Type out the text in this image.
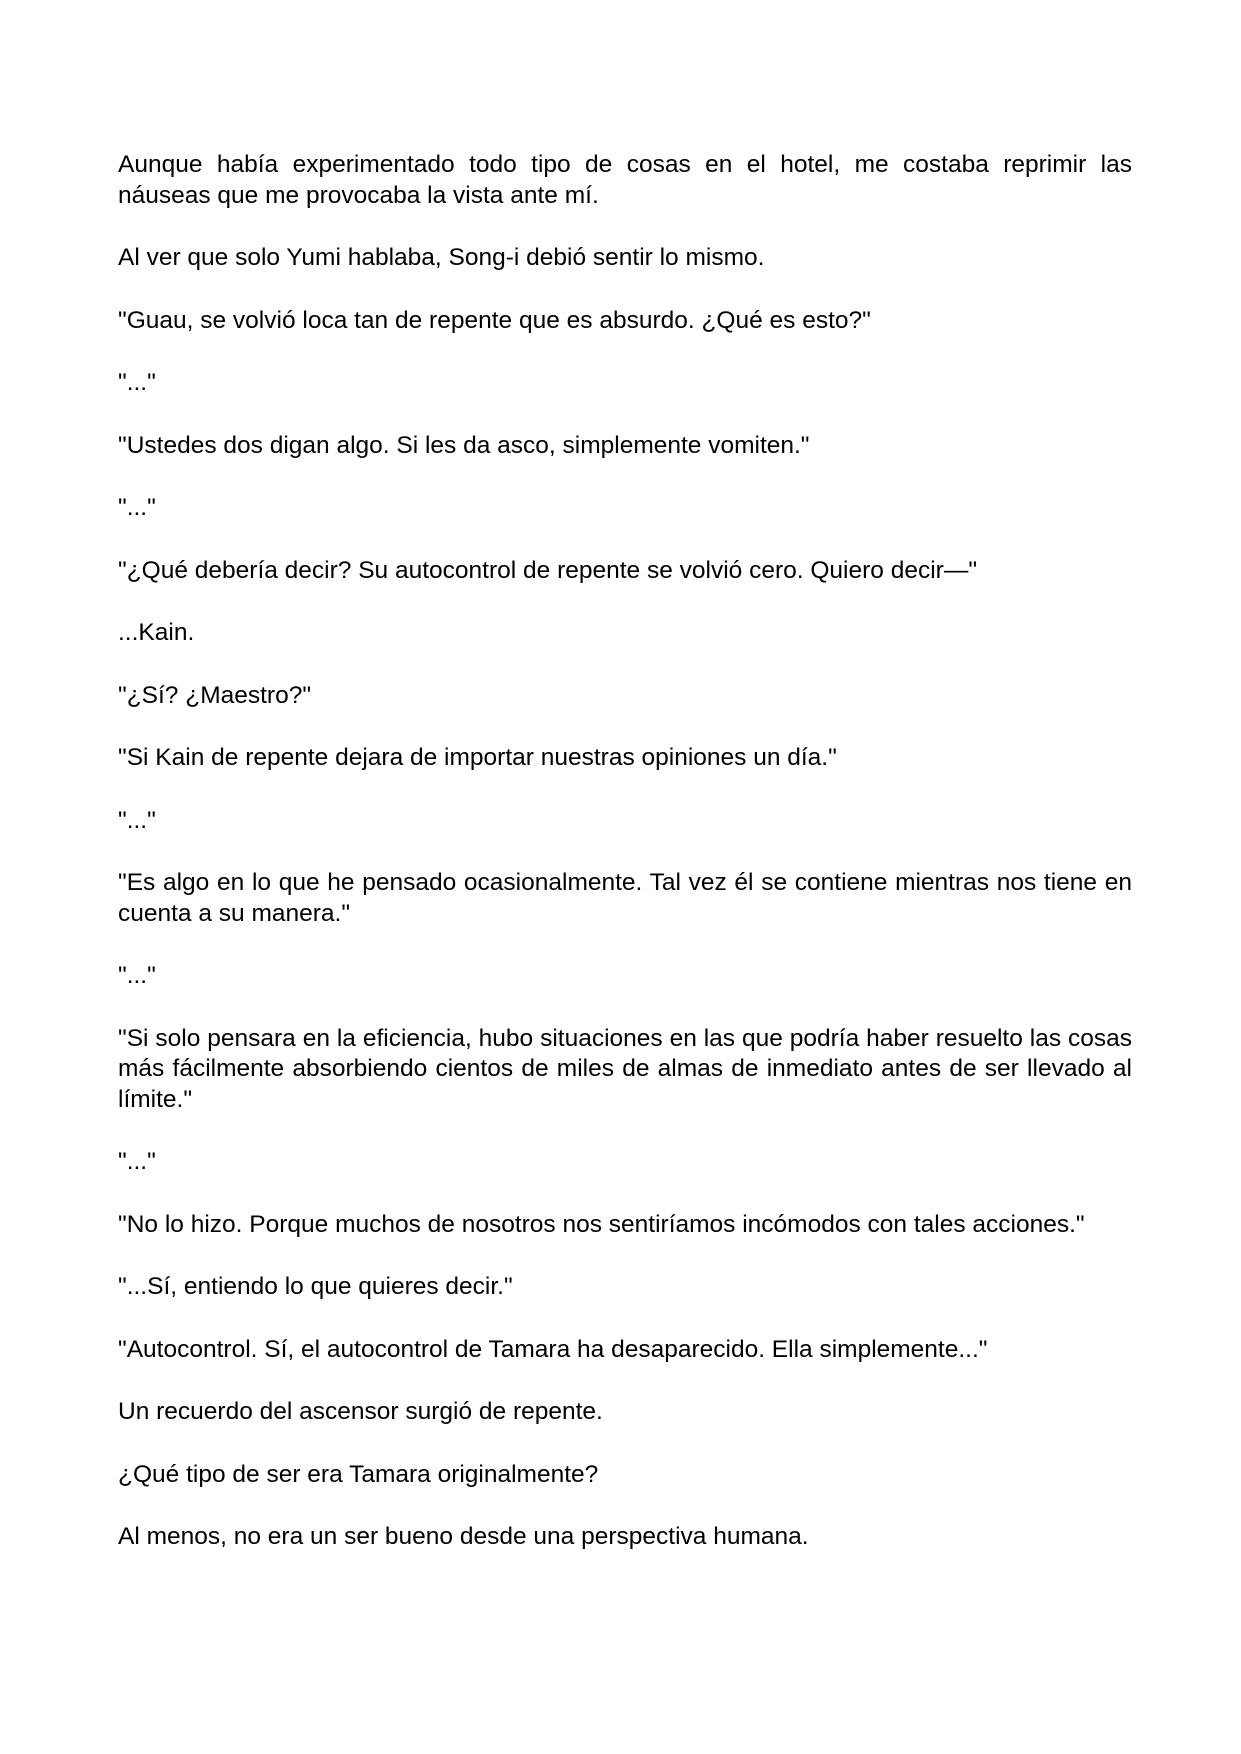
Aunque había experimentado todo tipo de cosas en el hotel, me costaba reprimir las náuseas que me provocaba la vista ante mí.

Al ver que solo Yumi hablaba, Song-i debió sentir lo mismo.

"Guau, se volvió loca tan de repente que es absurdo. ¿Qué es esto?"

"..."

"Ustedes dos digan algo. Si les da asco, simplemente vomiten."

"..."

"¿Qué debería decir? Su autocontrol de repente se volvió cero. Quiero decir—"

...Kain.

"¿Sí? ¿Maestro?"

"Si Kain de repente dejara de importar nuestras opiniones un día."

"..."

"Es algo en lo que he pensado ocasionalmente. Tal vez él se contiene mientras nos tiene en cuenta a su manera."

"..."

"Si solo pensara en la eficiencia, hubo situaciones en las que podría haber resuelto las cosas más fácilmente absorbiendo cientos de miles de almas de inmediato antes de ser llevado al límite."

"..."

"No lo hizo. Porque muchos de nosotros nos sentiríamos incómodos con tales acciones."

"...Sí, entiendo lo que quieres decir."

"Autocontrol. Sí, el autocontrol de Tamara ha desaparecido. Ella simplemente..."

Un recuerdo del ascensor surgió de repente.

¿Qué tipo de ser era Tamara originalmente?

Al menos, no era un ser bueno desde una perspectiva humana.
